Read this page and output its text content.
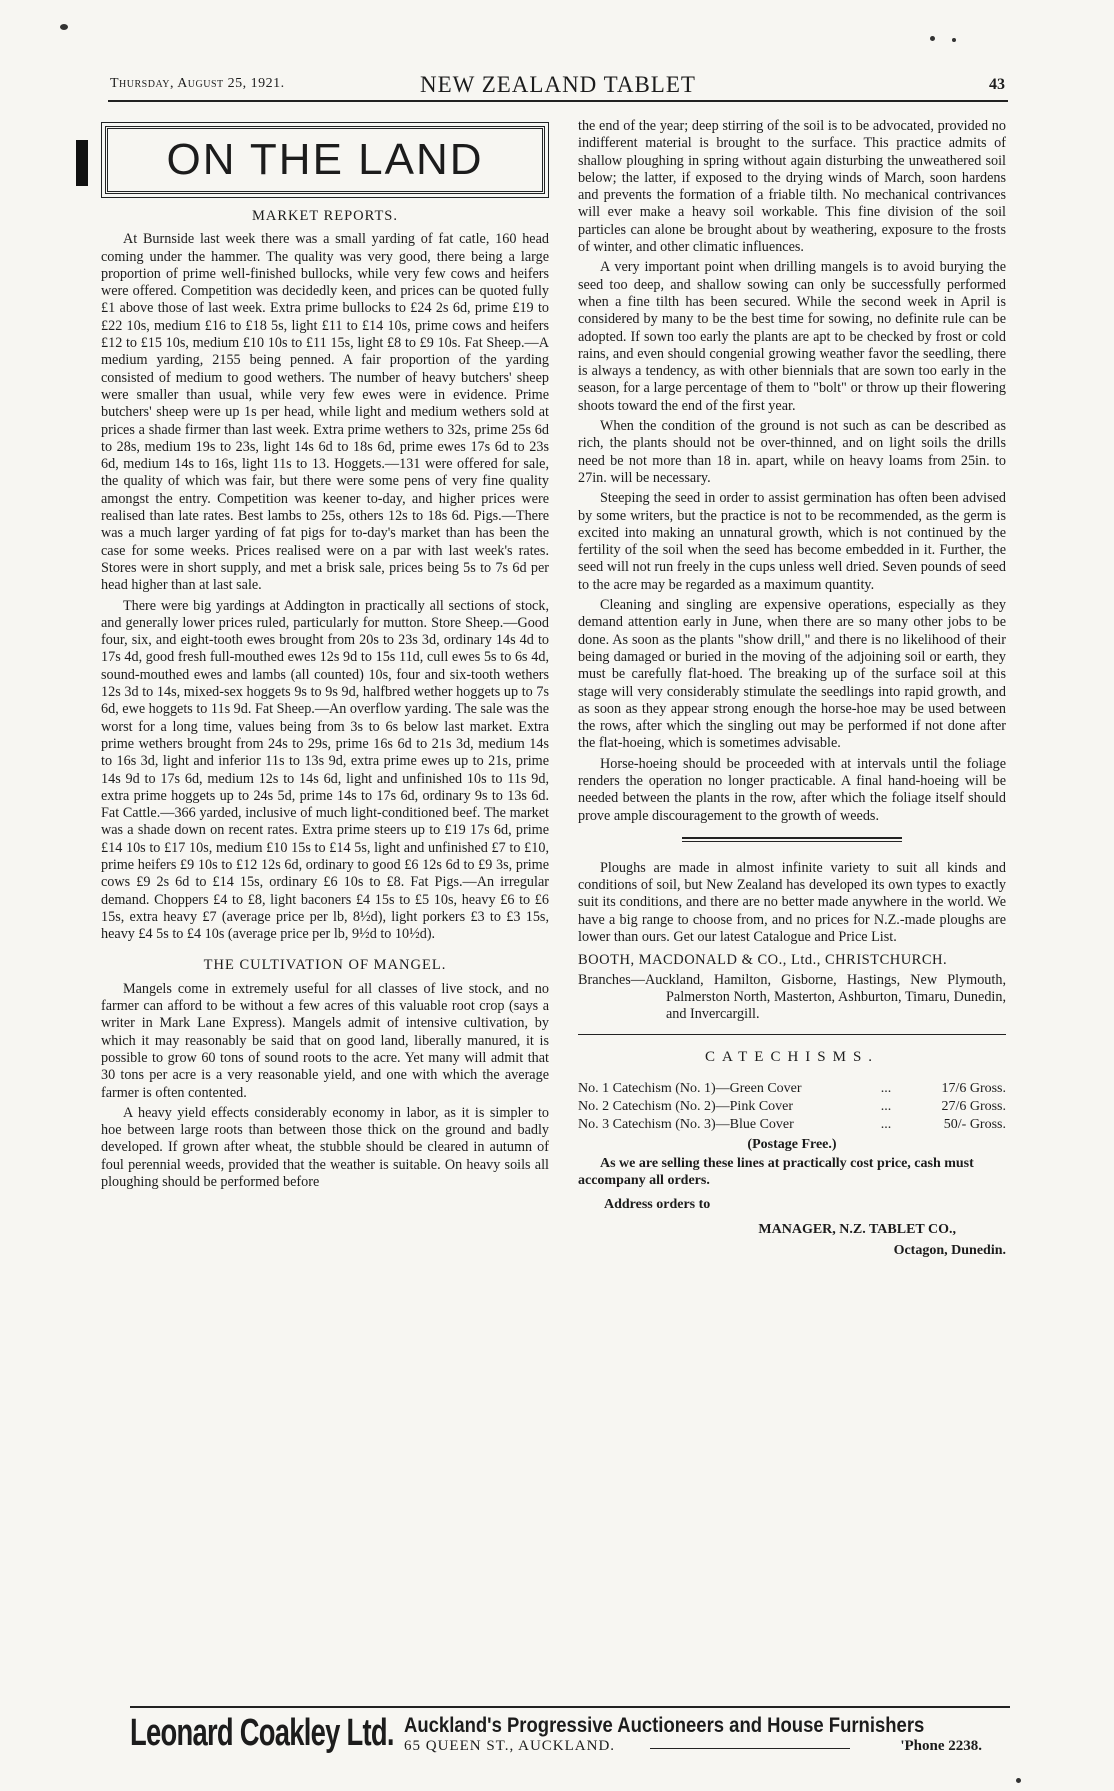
Thursday, August 25, 1921.	NEW ZEALAND TABLET	43
ON THE LAND
MARKET REPORTS.

At Burnside last week there was a small yarding of fat catle, 160 head coming under the hammer. The quality was very good, there being a large proportion of prime well-finished bullocks, while very few cows and heifers were offered. Competition was decidedly keen, and prices can be quoted fully £1 above those of last week. Extra prime bullocks to £24 2s 6d, prime £19 to £22 10s, medium £16 to £18 5s, light £11 to £14 10s, prime cows and heifers £12 to £15 10s, medium £10 10s to £11 15s, light £8 to £9 10s. Fat Sheep.—A medium yarding, 2155 being penned. A fair proportion of the yarding consisted of medium to good wethers. The number of heavy butchers' sheep were smaller than usual, while very few ewes were in evidence. Prime butchers' sheep were up 1s per head, while light and medium wethers sold at prices a shade firmer than last week. Extra prime wethers to 32s, prime 25s 6d to 28s, medium 19s to 23s, light 14s 6d to 18s 6d, prime ewes 17s 6d to 23s 6d, medium 14s to 16s, light 11s to 13. Hoggets.—131 were offered for sale, the quality of which was fair, but there were some pens of very fine quality amongst the entry. Competition was keener to-day, and higher prices were realised than late rates. Best lambs to 25s, others 12s to 18s 6d. Pigs.—There was a much larger yarding of fat pigs for to-day's market than has been the case for some weeks. Prices realised were on a par with last week's rates. Stores were in short supply, and met a brisk sale, prices being 5s to 7s 6d per head higher than at last sale.

There were big yardings at Addington in practically all sections of stock, and generally lower prices ruled, particularly for mutton. Store Sheep.—Good four, six, and eight-tooth ewes brought from 20s to 23s 3d, ordinary 14s 4d to 17s 4d, good fresh full-mouthed ewes 12s 9d to 15s 11d, cull ewes 5s to 6s 4d, sound-mouthed ewes and lambs (all counted) 10s, four and six-tooth wethers 12s 3d to 14s, mixed-sex hoggets 9s to 9s 9d, halfbred wether hoggets up to 7s 6d, ewe hoggets to 11s 9d. Fat Sheep.—An overflow yarding. The sale was the worst for a long time, values being from 3s to 6s below last market. Extra prime wethers brought from 24s to 29s, prime 16s 6d to 21s 3d, medium 14s to 16s 3d, light and inferior 11s to 13s 9d, extra prime ewes up to 21s, prime 14s 9d to 17s 6d, medium 12s to 14s 6d, light and unfinished 10s to 11s 9d, extra prime hoggets up to 24s 5d, prime 14s to 17s 6d, ordinary 9s to 13s 6d. Fat Cattle.—366 yarded, inclusive of much light-conditioned beef. The market was a shade down on recent rates. Extra prime steers up to £19 17s 6d, prime £14 10s to £17 10s, medium £10 15s to £14 5s, light and unfinished £7 to £10, prime heifers £9 10s to £12 12s 6d, ordinary to good £6 12s 6d to £9 3s, prime cows £9 2s 6d to £14 15s, ordinary £6 10s to £8. Fat Pigs.—An irregular demand. Choppers £4 to £8, light baconers £4 15s to £5 10s, heavy £6 to £6 15s, extra heavy £7 (average price per lb, 8½d), light porkers £3 to £3 15s, heavy £4 5s to £4 10s (average price per lb, 9½d to 10½d).

THE CULTIVATION OF MANGEL.

Mangels come in extremely useful for all classes of live stock, and no farmer can afford to be without a few acres of this valuable root crop (says a writer in Mark Lane Express). Mangels admit of intensive cultivation, by which it may reasonably be said that on good land, liberally manured, it is possible to grow 60 tons of sound roots to the acre. Yet many will admit that 30 tons per acre is a very reasonable yield, and one with which the average farmer is often contented.

A heavy yield effects considerably economy in labor, as it is simpler to hoe between large roots than between those thick on the ground and badly developed. If grown after wheat, the stubble should be cleared in autumn of foul perennial weeds, provided that the weather is suitable. On heavy soils all ploughing should be performed before

the end of the year; deep stirring of the soil is to be advocated, provided no indifferent material is brought to the surface. This practice admits of shallow ploughing in spring without again disturbing the unweathered soil below; the latter, if exposed to the drying winds of March, soon hardens and prevents the formation of a friable tilth. No mechanical contrivances will ever make a heavy soil workable. This fine division of the soil particles can alone be brought about by weathering, exposure to the frosts of winter, and other climatic influences.

A very important point when drilling mangels is to avoid burying the seed too deep, and shallow sowing can only be successfully performed when a fine tilth has been secured. While the second week in April is considered by many to be the best time for sowing, no definite rule can be adopted. If sown too early the plants are apt to be checked by frost or cold rains, and even should congenial growing weather favor the seedling, there is always a tendency, as with other biennials that are sown too early in the season, for a large percentage of them to "bolt" or throw up their flowering shoots toward the end of the first year.

When the condition of the ground is not such as can be described as rich, the plants should not be over-thinned, and on light soils the drills need be not more than 18 in. apart, while on heavy loams from 25in. to 27in. will be necessary.

Steeping the seed in order to assist germination has often been advised by some writers, but the practice is not to be recommended, as the germ is excited into making an unnatural growth, which is not continued by the fertility of the soil when the seed has become embedded in it. Further, the seed will not run freely in the cups unless well dried. Seven pounds of seed to the acre may be regarded as a maximum quantity.

Cleaning and singling are expensive operations, especially as they demand attention early in June, when there are so many other jobs to be done. As soon as the plants "show drill," and there is no likelihood of their being damaged or buried in the moving of the adjoining soil or earth, they must be carefully flat-hoed. The breaking up of the surface soil at this stage will very considerably stimulate the seedlings into rapid growth, and as soon as they appear strong enough the horse-hoe may be used between the rows, after which the singling out may be performed if not done after the flat-hoeing, which is sometimes advisable.

Horse-hoeing should be proceeded with at intervals until the foliage renders the operation no longer practicable. A final hand-hoeing will be needed between the plants in the row, after which the foliage itself should prove ample discouragement to the growth of weeds.

Ploughs are made in almost infinite variety to suit all kinds and conditions of soil, but New Zealand has developed its own types to exactly suit its conditions, and there are no better made anywhere in the world. We have a big range to choose from, and no prices for N.Z.-made ploughs are lower than ours. Get our latest Catalogue and Price List.

BOOTH, MACDONALD & CO., Ltd., CHRISTCHURCH.
Branches—Auckland, Hamilton, Gisborne, Hastings, New Plymouth, Palmerston North, Masterton, Ashburton, Timaru, Dunedin, and Invercargill.
CATECHISMS.
No. 1 Catechism (No. 1)—Green Cover	...	17/6 Gross.
No. 2 Catechism (No. 2)—Pink Cover	...	27/6 Gross.
No. 3 Catechism (No. 3)—Blue Cover	...	50/- Gross.
(Postage Free.)

As we are selling these lines at practically cost price, cash must accompany all orders.

Address orders to
MANAGER, N.Z. TABLET CO.,
Octagon, Dunedin.
Leonard Coakley Ltd. Auckland's Progressive Auctioneers and House Furnishers
65 QUEEN ST., AUCKLAND.	'Phone 2238.
